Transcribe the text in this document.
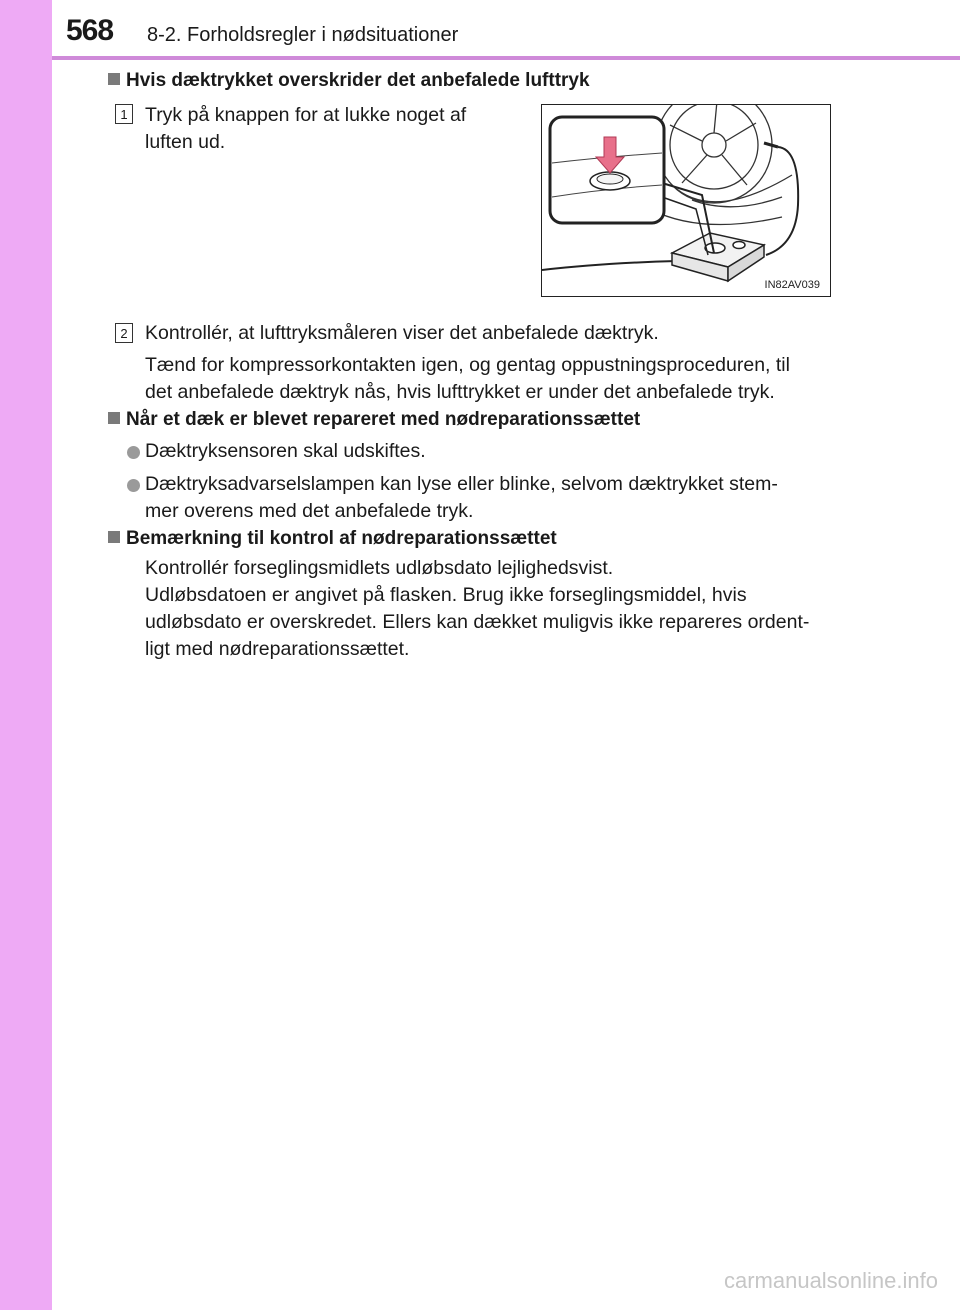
568 8-2. Forholdsregler i nødsituationer
Hvis dæktrykket overskrider det anbefalede lufttryk
1 Tryk på knappen for at lukke noget af
luften ud.
IN82AV039
2 Kontrollér, at lufttryksmåleren viser det anbefalede dæktryk.
Tænd for kompressorkontakten igen, og gentag oppustningsproceduren, til
det anbefalede dæktryk nås, hvis lufttrykket er under det anbefalede tryk.
Når et dæk er blevet repareret med nødreparationssættet
Dæktryksensoren skal udskiftes.
Dæktryksadvarselslampen kan lyse eller blinke, selvom dæktrykket stem-
mer overens med det anbefalede tryk.
Bemærkning til kontrol af nødreparationssættet
Kontrollér forseglingsmidlets udløbsdato lejlighedsvist.
Udløbsdatoen er angivet på flasken. Brug ikke forseglingsmiddel, hvis
udløbsdato er overskredet. Ellers kan dækket muligvis ikke repareres ordent-
ligt med nødreparationssættet.
carmanualsonline.info
